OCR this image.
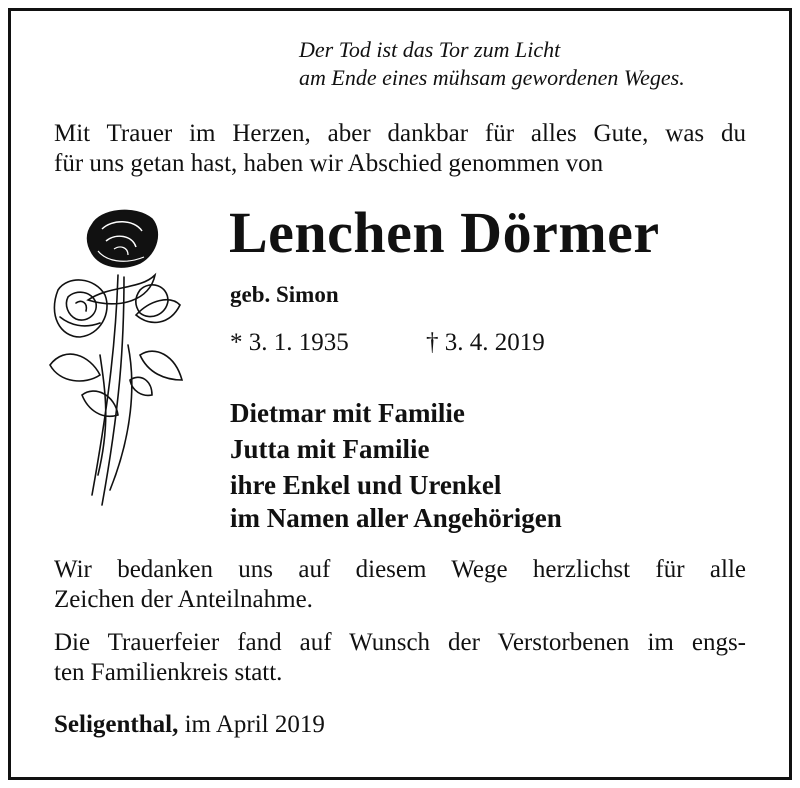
Der Tod ist das Tor zum Licht
am Ende eines mühsam gewordenen Weges.
Mit Trauer im Herzen, aber dankbar für alles Gute, was du
für uns getan hast, haben wir Abschied genommen von
Lenchen Dörmer
geb. Simon
* 3. 1. 1935	† 3. 4. 2019
Dietmar mit Familie
Jutta mit Familie
ihre Enkel und Urenkel
im Namen aller Angehörigen
Wir bedanken uns auf diesem Wege herzlichst für alle
Zeichen der Anteilnahme.
Die Trauerfeier fand auf Wunsch der Verstorbenen im engs-
ten Familienkreis statt.
Seligenthal, im April 2019
